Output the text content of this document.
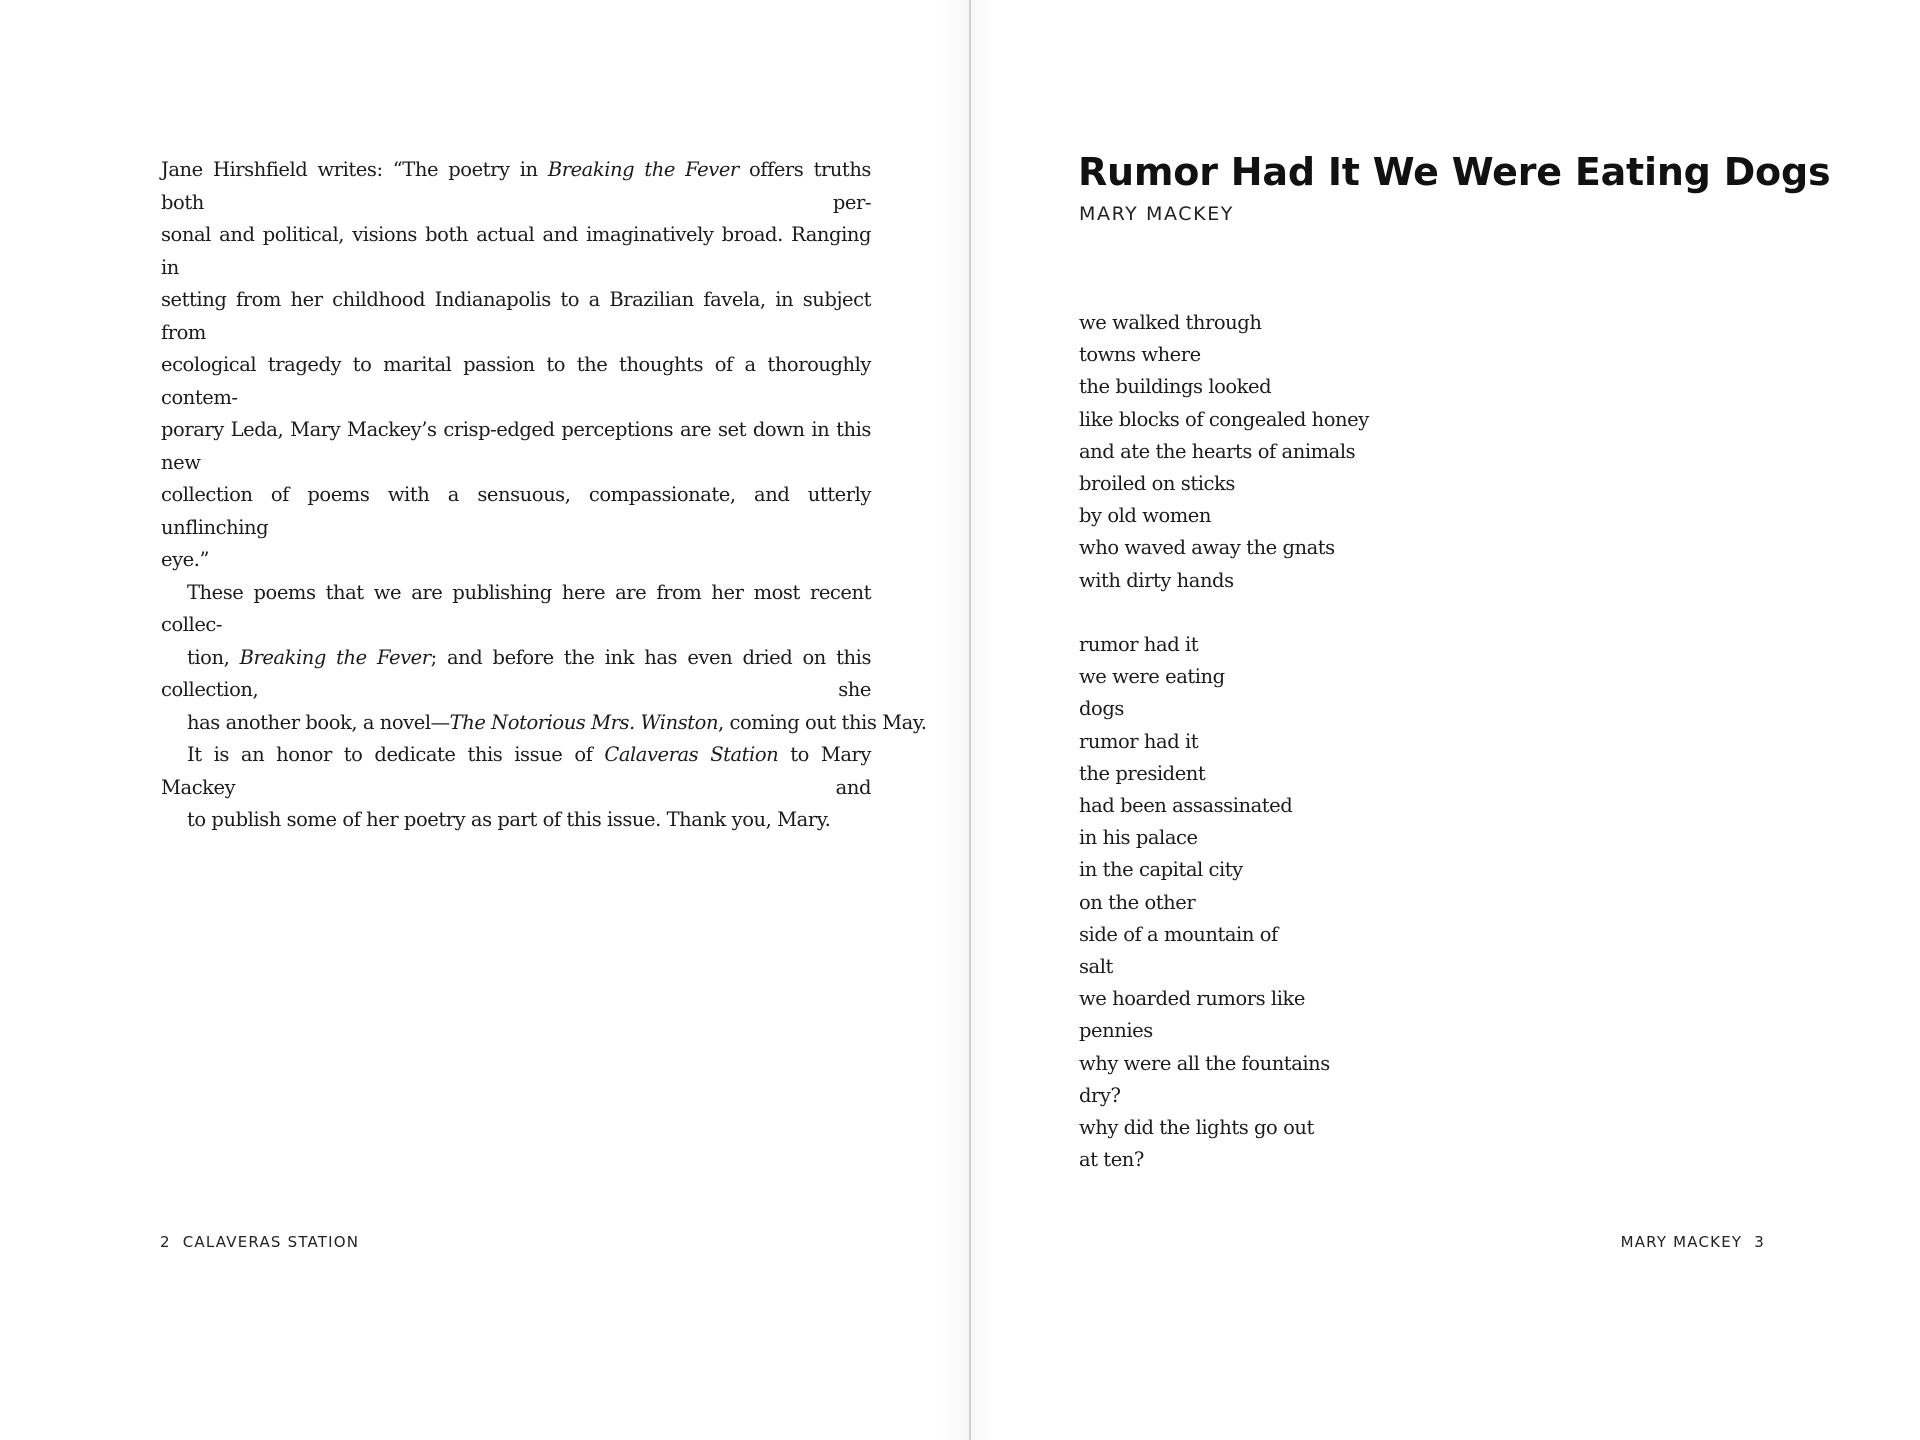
Jane Hirshfield writes: “The poetry in Breaking the Fever offers truths both per-
sonal and political, visions both actual and imaginatively broad. Ranging in
setting from her childhood Indianapolis to a Brazilian favela, in subject from
ecological tragedy to marital passion to the thoughts of a thoroughly contem-
porary Leda, Mary Mackey’s crisp-edged perceptions are set down in this new
collection of poems with a sensuous, compassionate, and utterly unflinching
eye.”

These poems that we are publishing here are from her most recent collec-
tion, Breaking the Fever; and before the ink has even dried on this collection, she
has another book, a novel—The Notorious Mrs. Winston, coming out this May.

It is an honor to dedicate this issue of Calaveras Station to Mary Mackey and
to publish some of her poetry as part of this issue. Thank you, Mary.

2 CALAVERAS STATION
Rumor Had It We Were Eating Dogs
MARY MACKEY
we walked through
towns where
the buildings looked
like blocks of congealed honey
and ate the hearts of animals
broiled on sticks
by old women
who waved away the gnats
with dirty hands
rumor had it
we were eating
dogs
rumor had it
the president
had been assassinated
in his palace
in the capital city
on the other
side of a mountain of
salt
we hoarded rumors like
pennies
why were all the fountains
dry?
why did the lights go out
at ten?
MARY MACKEY 3
